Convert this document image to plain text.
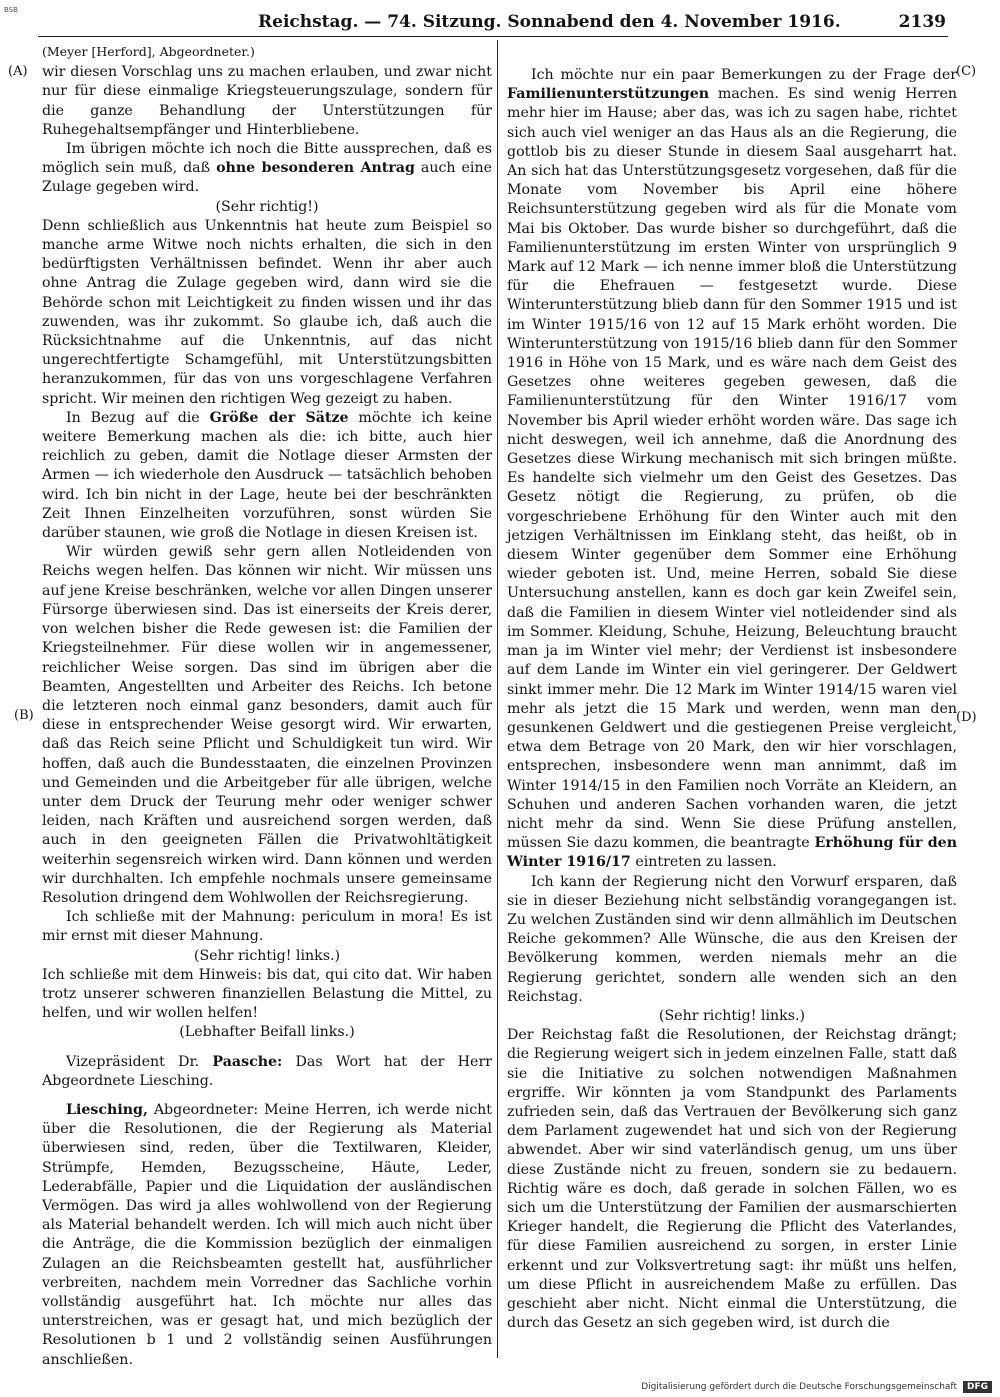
BSB
Reichstag. — 74. Sitzung. Sonnabend den 4. November 1916.	2139
(A)
(B)
(C)
(D)

(Meyer [Herford], Abgeordneter.)

wir diesen Vorschlag uns zu machen erlauben, und zwar nicht nur für diese einmalige Kriegsteuerungszulage, sondern für die ganze Behandlung der Unterstützungen für Ruhegehaltsempfänger und Hinterbliebene.

Im übrigen möchte ich noch die Bitte aussprechen, daß es möglich sein muß, daß ohne besonderen Antrag auch eine Zulage gegeben wird.

(Sehr richtig!)

Denn schließlich aus Unkenntnis hat heute zum Beispiel so manche arme Witwe noch nichts erhalten, die sich in den bedürftigsten Verhältnissen befindet. Wenn ihr aber auch ohne Antrag die Zulage gegeben wird, dann wird sie die Behörde schon mit Leichtigkeit zu finden wissen und ihr das zuwenden, was ihr zukommt. So glaube ich, daß auch die Rücksichtnahme auf die Unkenntnis, auf das nicht ungerechtfertigte Schamgefühl, mit Unterstützungsbitten heranzukommen, für das von uns vorgeschlagene Verfahren spricht. Wir meinen den richtigen Weg gezeigt zu haben.

In Bezug auf die Größe der Sätze möchte ich keine weitere Bemerkung machen als die: ich bitte, auch hier reichlich zu geben, damit die Notlage dieser Armsten der Armen — ich wiederhole den Ausdruck — tatsächlich behoben wird. Ich bin nicht in der Lage, heute bei der beschränkten Zeit Ihnen Einzelheiten vorzuführen, sonst würden Sie darüber staunen, wie groß die Notlage in diesen Kreisen ist.

Wir würden gewiß sehr gern allen Notleidenden von Reichs wegen helfen. Das können wir nicht. Wir müssen uns auf jene Kreise beschränken, welche vor allen Dingen unserer Fürsorge überwiesen sind. Das ist einerseits der Kreis derer, von welchen bisher die Rede gewesen ist: die Familien der Kriegsteilnehmer. Für diese wollen wir in angemessener, reichlicher Weise sorgen. Das sind im übrigen aber die Beamten, Angestellten und Arbeiter des Reichs. Ich betone die letzteren noch einmal ganz besonders, damit auch für diese in entsprechender Weise gesorgt wird. Wir erwarten, daß das Reich seine Pflicht und Schuldigkeit tun wird. Wir hoffen, daß auch die Bundesstaaten, die einzelnen Provinzen und Gemeinden und die Arbeitgeber für alle übrigen, welche unter dem Druck der Teurung mehr oder weniger schwer leiden, nach Kräften und ausreichend sorgen werden, daß auch in den geeigneten Fällen die Privatwohltätigkeit weiterhin segensreich wirken wird. Dann können und werden wir durchhalten. Ich empfehle nochmals unsere gemeinsame Resolution dringend dem Wohlwollen der Reichsregierung.

Ich schließe mit der Mahnung: periculum in mora! Es ist mir ernst mit dieser Mahnung.

(Sehr richtig! links.)

Ich schließe mit dem Hinweis: bis dat, qui cito dat. Wir haben trotz unserer schweren finanziellen Belastung die Mittel, zu helfen, und wir wollen helfen!

(Lebhafter Beifall links.)

Vizepräsident Dr. Paasche: Das Wort hat der Herr Abgeordnete Liesching.

Liesching, Abgeordneter: Meine Herren, ich werde nicht über die Resolutionen, die der Regierung als Material überwiesen sind, reden, über die Textilwaren, Kleider, Strümpfe, Hemden, Bezugsscheine, Häute, Leder, Lederabfälle, Papier und die Liquidation der ausländischen Vermögen. Das wird ja alles wohlwollend von der Regierung als Material behandelt werden. Ich will mich auch nicht über die Anträge, die die Kommission bezüglich der einmaligen Zulagen an die Reichsbeamten gestellt hat, ausführlicher verbreiten, nachdem mein Vorredner das Sachliche vorhin vollständig ausgeführt hat. Ich möchte nur alles das unterstreichen, was er gesagt hat, und mich bezüglich der Resolutionen b 1 und 2 vollständig seinen Ausführungen anschließen.

Ich möchte nur ein paar Bemerkungen zu der Frage der Familienunterstützungen machen. Es sind wenig Herren mehr hier im Hause; aber das, was ich zu sagen habe, richtet sich auch viel weniger an das Haus als an die Regierung, die gottlob bis zu dieser Stunde in diesem Saal ausgeharrt hat. An sich hat das Unterstützungsgesetz vorgesehen, daß für die Monate vom November bis April eine höhere Reichsunterstützung gegeben wird als für die Monate vom Mai bis Oktober. Das wurde bisher so durchgeführt, daß die Familienunterstützung im ersten Winter von ursprünglich 9 Mark auf 12 Mark — ich nenne immer bloß die Unterstützung für die Ehefrauen — festgesetzt wurde. Diese Winterunterstützung blieb dann für den Sommer 1915 und ist im Winter 1915/16 von 12 auf 15 Mark erhöht worden. Die Winterunterstützung von 1915/16 blieb dann für den Sommer 1916 in Höhe von 15 Mark, und es wäre nach dem Geist des Gesetzes ohne weiteres gegeben gewesen, daß die Familienunterstützung für den Winter 1916/17 vom November bis April wieder erhöht worden wäre. Das sage ich nicht deswegen, weil ich annehme, daß die Anordnung des Gesetzes diese Wirkung mechanisch mit sich bringen müßte. Es handelte sich vielmehr um den Geist des Gesetzes. Das Gesetz nötigt die Regierung, zu prüfen, ob die vorgeschriebene Erhöhung für den Winter auch mit den jetzigen Verhältnissen im Einklang steht, das heißt, ob in diesem Winter gegenüber dem Sommer eine Erhöhung wieder geboten ist. Und, meine Herren, sobald Sie diese Untersuchung anstellen, kann es doch gar kein Zweifel sein, daß die Familien in diesem Winter viel notleidender sind als im Sommer. Kleidung, Schuhe, Heizung, Beleuchtung braucht man ja im Winter viel mehr; der Verdienst ist insbesondere auf dem Lande im Winter ein viel geringerer. Der Geldwert sinkt immer mehr. Die 12 Mark im Winter 1914/15 waren viel mehr als jetzt die 15 Mark und werden, wenn man den gesunkenen Geldwert und die gestiegenen Preise vergleicht, etwa dem Betrage von 20 Mark, den wir hier vorschlagen, entsprechen, insbesondere wenn man annimmt, daß im Winter 1914/15 in den Familien noch Vorräte an Kleidern, an Schuhen und anderen Sachen vorhanden waren, die jetzt nicht mehr da sind. Wenn Sie diese Prüfung anstellen, müssen Sie dazu kommen, die beantragte Erhöhung für den Winter 1916/17 eintreten zu lassen.

Ich kann der Regierung nicht den Vorwurf ersparen, daß sie in dieser Beziehung nicht selbständig vorangegangen ist. Zu welchen Zuständen sind wir denn allmählich im Deutschen Reiche gekommen? Alle Wünsche, die aus den Kreisen der Bevölkerung kommen, werden niemals mehr an die Regierung gerichtet, sondern alle wenden sich an den Reichstag.

(Sehr richtig! links.)

Der Reichstag faßt die Resolutionen, der Reichstag drängt; die Regierung weigert sich in jedem einzelnen Falle, statt daß sie die Initiative zu solchen notwendigen Maßnahmen ergriffe. Wir könnten ja vom Standpunkt des Parlaments zufrieden sein, daß das Vertrauen der Bevölkerung sich ganz dem Parlament zugewendet hat und sich von der Regierung abwendet. Aber wir sind vaterländisch genug, um uns über diese Zustände nicht zu freuen, sondern sie zu bedauern. Richtig wäre es doch, daß gerade in solchen Fällen, wo es sich um die Unterstützung der Familien der ausmarschierten Krieger handelt, die Regierung die Pflicht des Vaterlandes, für diese Familien ausreichend zu sorgen, in erster Linie erkennt und zur Volksvertretung sagt: ihr müßt uns helfen, um diese Pflicht in ausreichendem Maße zu erfüllen. Das geschieht aber nicht. Nicht einmal die Unterstützung, die durch das Gesetz an sich gegeben wird, ist durch die

Digitalisierung gefördert durch die Deutsche Forschungsgemeinschaft	DFG
